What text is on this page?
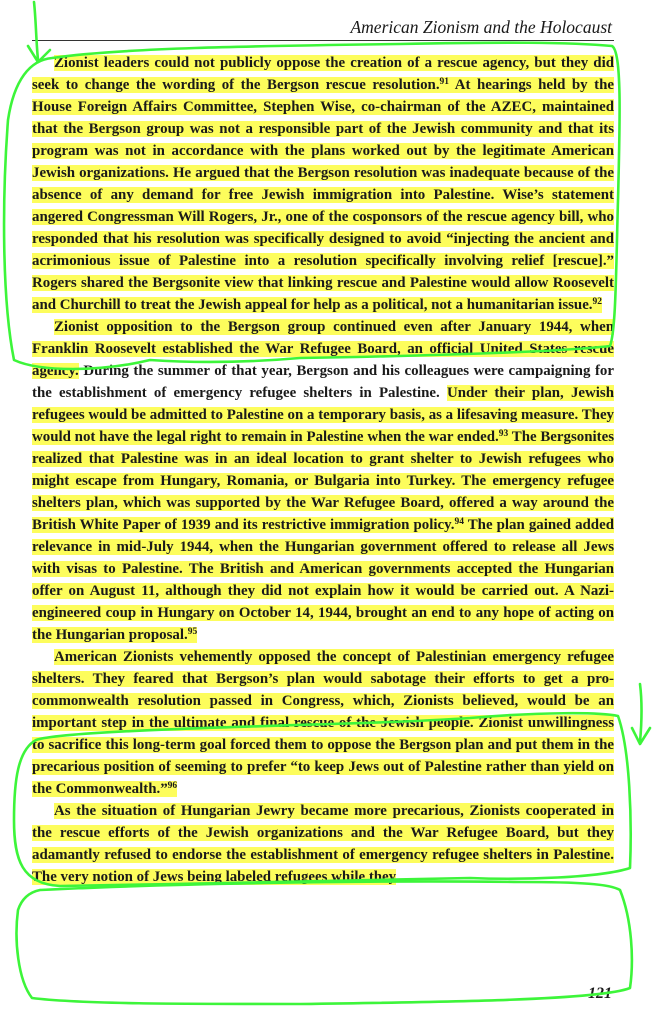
American Zionism and the Holocaust

Zionist leaders could not publicly oppose the creation of a rescue agency, but they did seek to change the wording of the Bergson rescue resolution.$^{91}$ At hearings held by the House Foreign Affairs Committee, Stephen Wise, co-chairman of the AZEC, maintained that the Bergson group was not a responsible part of the Jewish community and that its program was not in accordance with the plans worked out by the legitimate American Jewish organizations. He argued that the Bergson resolution was inadequate because of the absence of any demand for free Jewish immigration into Palestine. Wise’s statement angered Congressman Will Rogers, Jr., one of the cosponsors of the rescue agency bill, who responded that his resolution was specifically designed to avoid “injecting the ancient and acrimonious issue of Palestine into a resolution specifically involving relief [rescue].” Rogers shared the Bergsonite view that linking rescue and Palestine would allow Roosevelt and Churchill to treat the Jewish appeal for help as a political, not a humanitarian issue.$^{92}$

Zionist opposition to the Bergson group continued even after January 1944, when Franklin Roosevelt established the War Refugee Board, an official United States rescue agency. During the summer of that year, Bergson and his colleagues were campaigning for the establishment of emergency refugee shelters in Palestine. Under their plan, Jewish refugees would be admitted to Palestine on a temporary basis, as a lifesaving measure. They would not have the legal right to remain in Palestine when the war ended.$^{93}$ The Bergsonites realized that Palestine was in an ideal location to grant shelter to Jewish refugees who might escape from Hungary, Romania, or Bulgaria into Turkey. The emergency refugee shelters plan, which was supported by the War Refugee Board, offered a way around the British White Paper of 1939 and its restrictive immigration policy.$^{94}$ The plan gained added relevance in mid-July 1944, when the Hungarian government offered to release all Jews with visas to Palestine. The British and American governments accepted the Hungarian offer on August 11, although they did not explain how it would be carried out. A Nazi-engineered coup in Hungary on October 14, 1944, brought an end to any hope of acting on the Hungarian proposal.$^{95}$

American Zionists vehemently opposed the concept of Palestinian emergency refugee shelters. They feared that Bergson’s plan would sabotage their efforts to get a pro-commonwealth resolution passed in Congress, which, Zionists believed, would be an important step in the ultimate and final rescue of the Jewish people. Zionist unwillingness to sacrifice this long-term goal forced them to oppose the Bergson plan and put them in the precarious position of seeming to prefer “to keep Jews out of Palestine rather than yield on the Commonwealth.”$^{96}$

As the situation of Hungarian Jewry became more precarious, Zionists cooperated in the rescue efforts of the Jewish organizations and the War Refugee Board, but they adamantly refused to endorse the establishment of emergency refugee shelters in Palestine. The very notion of Jews being labeled refugees while they

121
